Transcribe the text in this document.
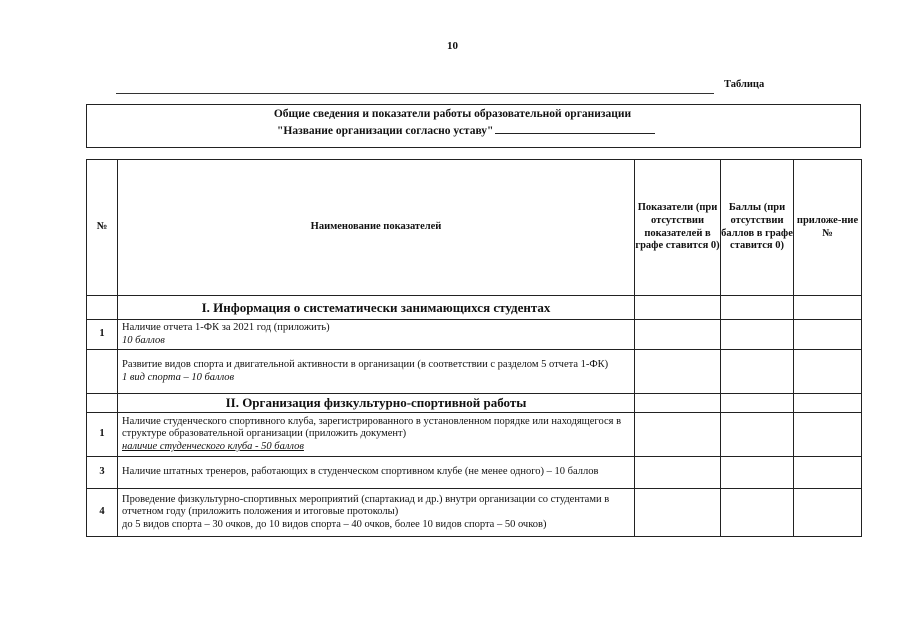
10
Таблица
Общие сведения и показатели работы образовательной организации
"Название организации согласно уставу"
№	Наименование показателей	Показатели (при отсутствии показателей в графе ставится 0)	Баллы (при отсутствии баллов в графе ставится 0)	приложе-ние №
	I. Информация о систематически занимающихся студентах			
1	Наличие отчета 1-ФК за 2021 год (приложить)
10 баллов			

	Развитие видов спорта и двигательной активности в организации (в соответствии с разделом 5 отчета 1-ФК)
1 вид спорта – 10 баллов			

	II. Организация физкультурно-спортивной работы			
1	Наличие студенческого спортивного клуба, зарегистрированного в установленном порядке или находящегося в структуре образовательной организации (приложить документ)
наличие студенческого клуба - 50 баллов			

3	Наличие штатных тренеров, работающих в студенческом спортивном клубе (не менее одного) – 10 баллов			

4	Проведение физкультурно-спортивных мероприятий (спартакиад и др.) внутри организации со студентами в отчетном году (приложить положения и итоговые протоколы)
до 5 видов спорта – 30 очков, до 10 видов спорта – 40 очков, более 10 видов спорта – 50 очков)			
